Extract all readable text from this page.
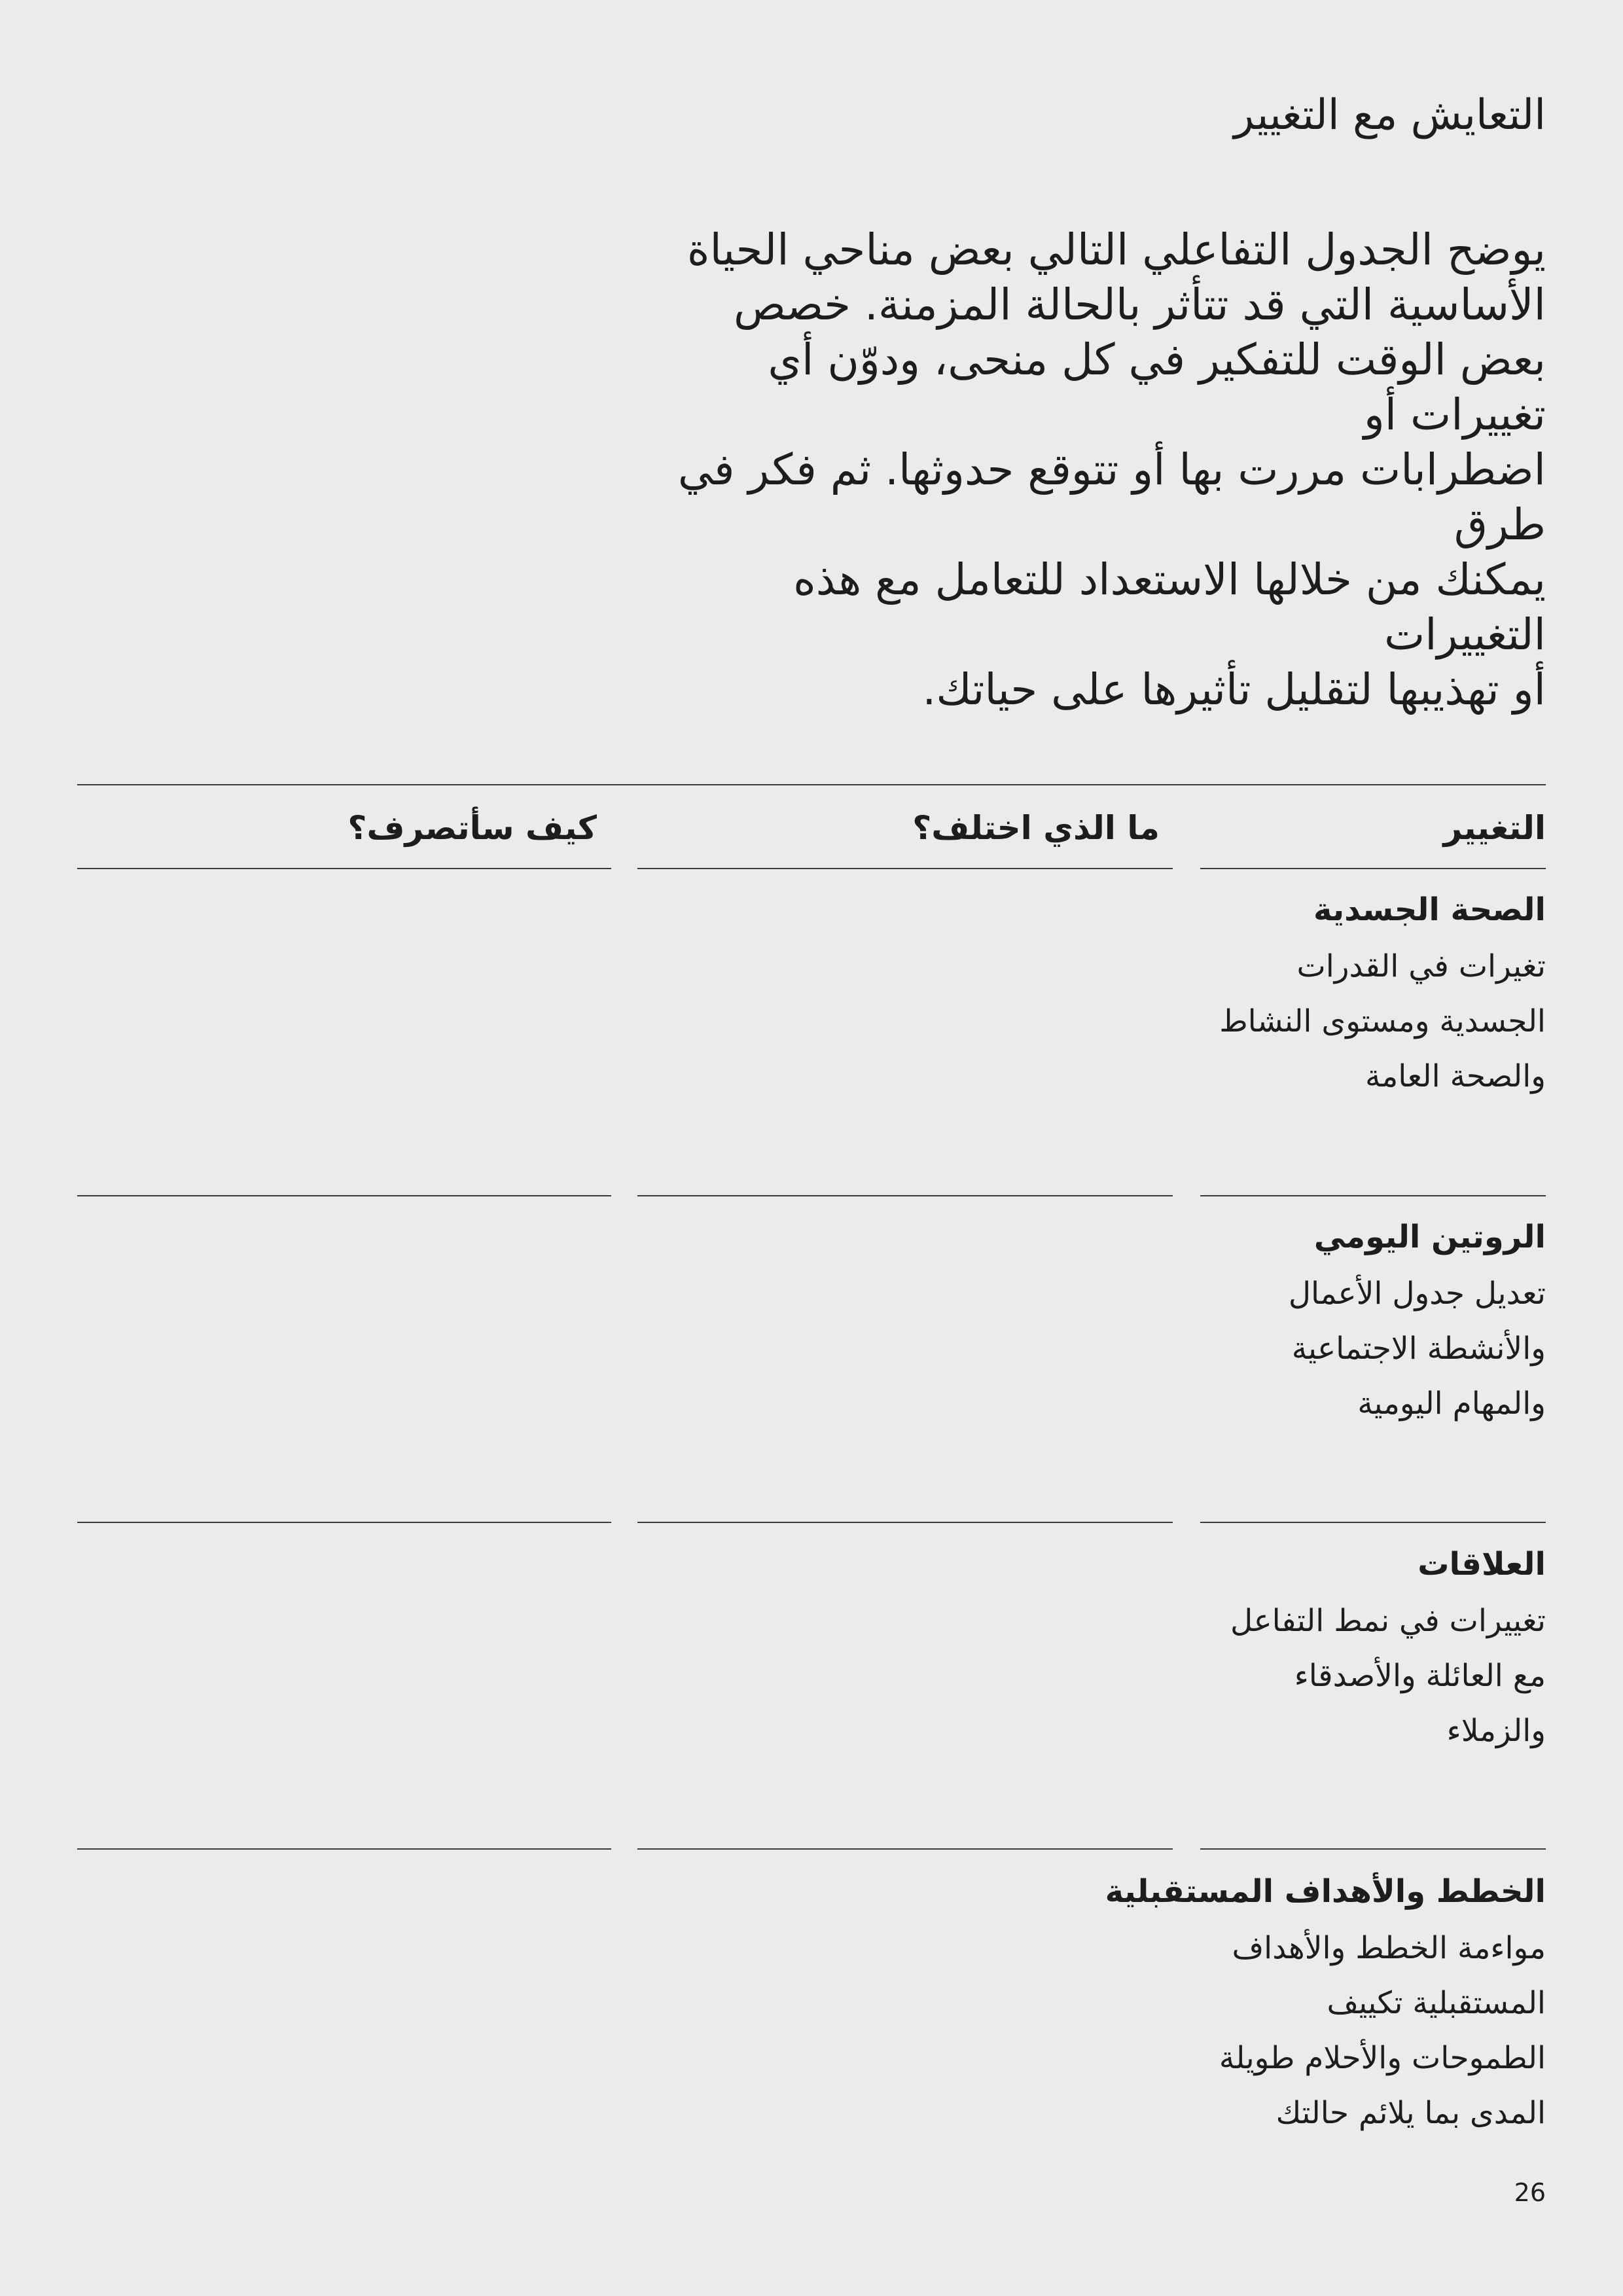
التعايش مع التغيير

يوضح الجدول التفاعلي التالي بعض مناحي الحياة
الأساسية التي قد تتأثر بالحالة المزمنة. خصص
بعض الوقت للتفكير في كل منحى، ودوّن أي تغييرات أو
اضطرابات مررت بها أو تتوقع حدوثها. ثم فكر في طرق
يمكنك من خلالها الاستعداد للتعامل مع هذه التغييرات
أو تهذيبها لتقليل تأثيرها على حياتك.

التغيير
ما الذي اختلف؟
كيف سأتصرف؟
الصحة الجسدية

تغيرات في القدرات
الجسدية ومستوى النشاط
والصحة العامة

الروتين اليومي

تعديل جدول الأعمال
والأنشطة الاجتماعية
والمهام اليومية

العلاقات

تغييرات في نمط التفاعل
مع العائلة والأصدقاء
والزملاء

الخطط والأهداف المستقبلية

مواءمة الخطط والأهداف
المستقبلية تكييف
الطموحات والأحلام طويلة
المدى بما يلائم حالتك

26
